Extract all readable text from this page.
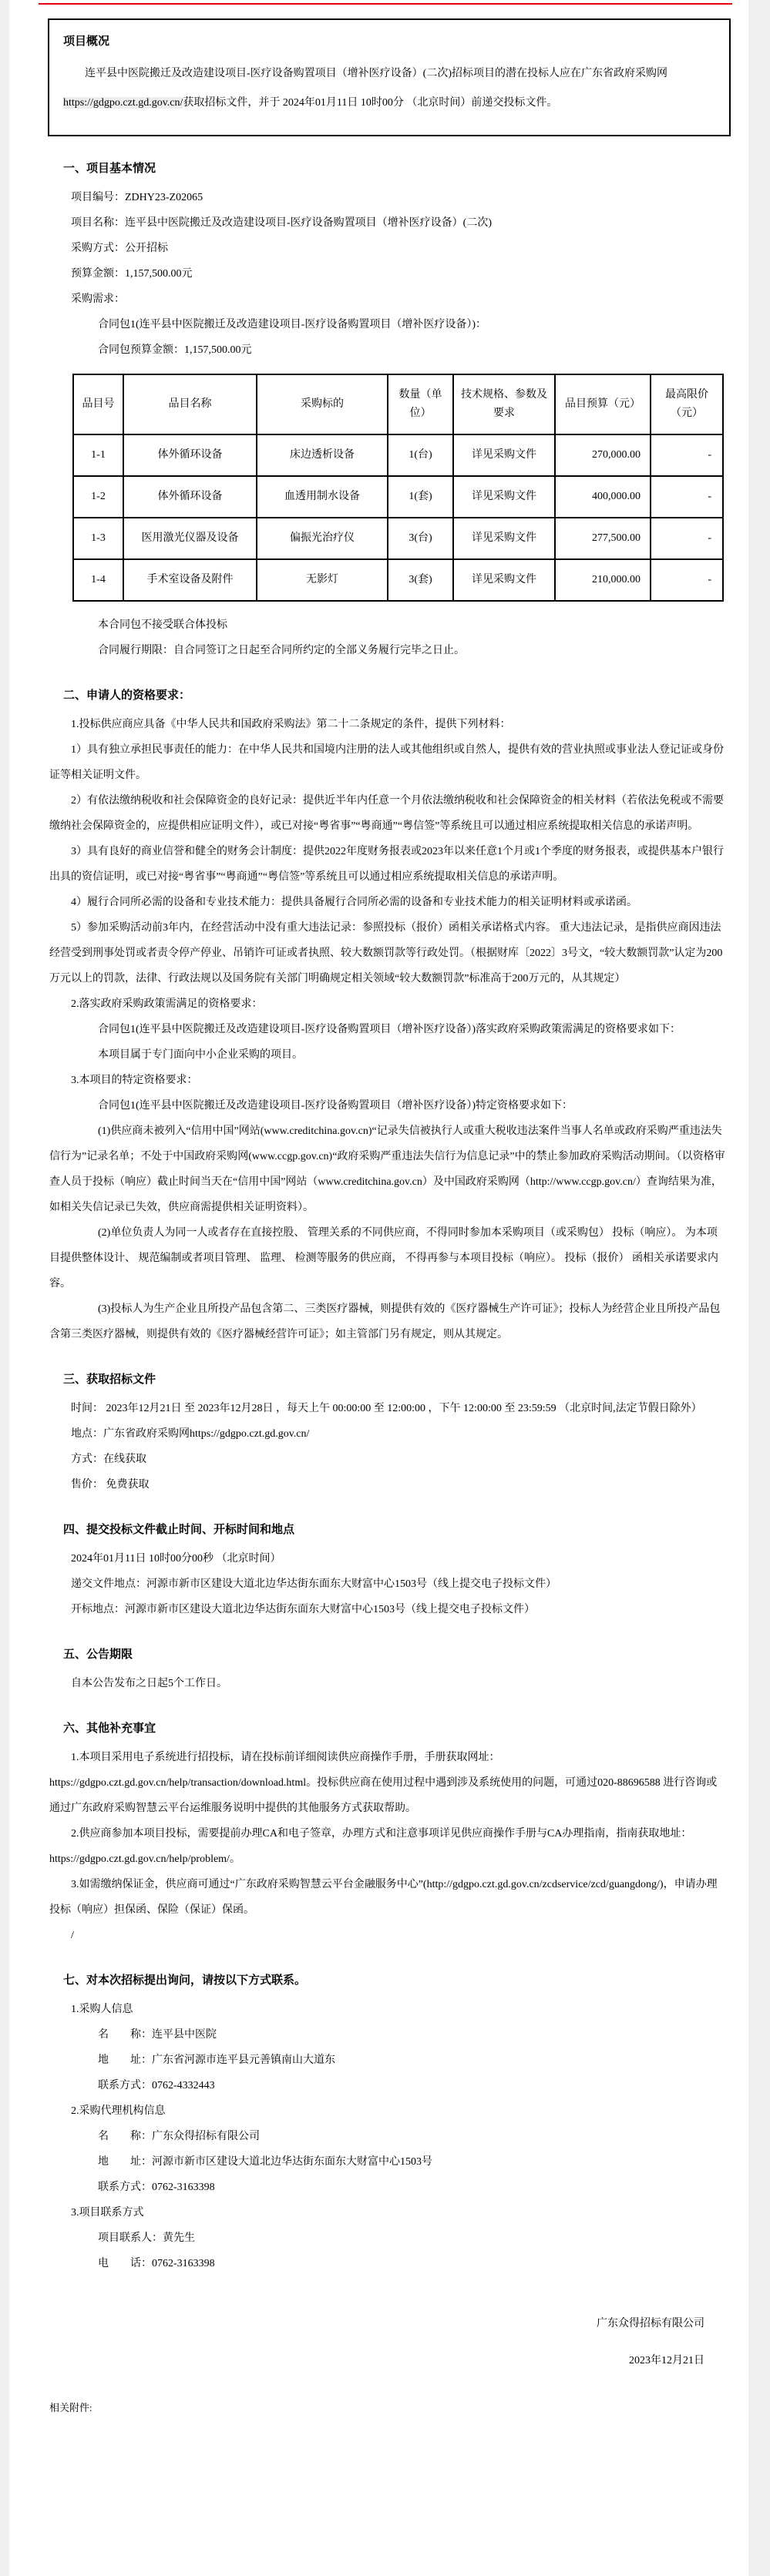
项目概况

连平县中医院搬迁及改造建设项目-医疗设备购置项目（增补医疗设备）(二次)招标项目的潜在投标人应在广东省政府采购网https://gdgpo.czt.gd.gov.cn/获取招标文件，并于 2024年01月11日 10时00分 （北京时间）前递交投标文件。

一、项目基本情况

项目编号：ZDHY23-Z02065

项目名称：连平县中医院搬迁及改造建设项目-医疗设备购置项目（增补医疗设备）(二次)

采购方式：公开招标

预算金额：1,157,500.00元

采购需求：

合同包1(连平县中医院搬迁及改造建设项目-医疗设备购置项目（增补医疗设备）)：

合同包预算金额：1,157,500.00元

品目号	品目名称	采购标的	数量（单位）	技术规格、参数及要求	品目预算（元）	最高限价（元）
1-1	体外循环设备	床边透析设备	1(台)	详见采购文件	270,000.00	-
1-2	体外循环设备	血透用制水设备	1(套)	详见采购文件	400,000.00	-
1-3	医用激光仪器及设备	偏振光治疗仪	3(台)	详见采购文件	277,500.00	-
1-4	手术室设备及附件	无影灯	3(套)	详见采购文件	210,000.00	-

本合同包不接受联合体投标

合同履行期限：自合同签订之日起至合同所约定的全部义务履行完毕之日止。

二、申请人的资格要求：

1.投标供应商应具备《中华人民共和国政府采购法》第二十二条规定的条件，提供下列材料：

1）具有独立承担民事责任的能力：在中华人民共和国境内注册的法人或其他组织或自然人，提供有效的营业执照或事业法人登记证或身份证等相关证明文件。

2）有依法缴纳税收和社会保障资金的良好记录：提供近半年内任意一个月依法缴纳税收和社会保障资金的相关材料（若依法免税或不需要缴纳社会保障资金的，应提供相应证明文件），或已对接“粤省事”“粤商通”“粤信签”等系统且可以通过相应系统提取相关信息的承诺声明。

3）具有良好的商业信誉和健全的财务会计制度：提供2022年度财务报表或2023年以来任意1个月或1个季度的财务报表，或提供基本户银行出具的资信证明，或已对接“粤省事”“粤商通”“粤信签”等系统且可以通过相应系统提取相关信息的承诺声明。

4）履行合同所必需的设备和专业技术能力：提供具备履行合同所必需的设备和专业技术能力的相关证明材料或承诺函。

5）参加采购活动前3年内，在经营活动中没有重大违法记录：参照投标（报价）函相关承诺格式内容。 重大违法记录，是指供应商因违法经营受到刑事处罚或者责令停产停业、吊销许可证或者执照、较大数额罚款等行政处罚。（根据财库〔2022〕3号文，“较大数额罚款”认定为200万元以上的罚款，法律、行政法规以及国务院有关部门明确规定相关领域“较大数额罚款”标准高于200万元的，从其规定）

2.落实政府采购政策需满足的资格要求：

合同包1(连平县中医院搬迁及改造建设项目-医疗设备购置项目（增补医疗设备）)落实政府采购政策需满足的资格要求如下：

本项目属于专门面向中小企业采购的项目。

3.本项目的特定资格要求：

合同包1(连平县中医院搬迁及改造建设项目-医疗设备购置项目（增补医疗设备）)特定资格要求如下：

(1)供应商未被列入“信用中国”网站(www.creditchina.gov.cn)“记录失信被执行人或重大税收违法案件当事人名单或政府采购严重违法失信行为”记录名单；不处于中国政府采购网(www.ccgp.gov.cn)“政府采购严重违法失信行为信息记录”中的禁止参加政府采购活动期间。（以资格审查人员于投标（响应）截止时间当天在“信用中国”网站（www.creditchina.gov.cn）及中国政府采购网（http://www.ccgp.gov.cn/）查询结果为准，如相关失信记录已失效，供应商需提供相关证明资料）。

(2)单位负责人为同一人或者存在直接控股、 管理关系的不同供应商，不得同时参加本采购项目（或采购包） 投标（响应）。 为本项目提供整体设计、 规范编制或者项目管理、 监理、 检测等服务的供应商， 不得再参与本项目投标（响应）。 投标（报价） 函相关承诺要求内容。

(3)投标人为生产企业且所投产品包含第二、三类医疗器械，则提供有效的《医疗器械生产许可证》；投标人为经营企业且所投产品包含第三类医疗器械，则提供有效的《医疗器械经营许可证》；如主管部门另有规定，则从其规定。

三、获取招标文件

时间： 2023年12月21日 至 2023年12月28日 ，每天上午 00:00:00 至 12:00:00 ，下午 12:00:00 至 23:59:59 （北京时间,法定节假日除外）

地点：广东省政府采购网https://gdgpo.czt.gd.gov.cn/

方式：在线获取

售价： 免费获取

四、提交投标文件截止时间、开标时间和地点

2024年01月11日 10时00分00秒 （北京时间）

递交文件地点：河源市新市区建设大道北边华达街东面东大财富中心1503号（线上提交电子投标文件）

开标地点：河源市新市区建设大道北边华达街东面东大财富中心1503号（线上提交电子投标文件）

五、公告期限

自本公告发布之日起5个工作日。

六、其他补充事宜

1.本项目采用电子系统进行招投标，请在投标前详细阅读供应商操作手册，手册获取网址：https://gdgpo.czt.gd.gov.cn/help/transaction/download.html。投标供应商在使用过程中遇到涉及系统使用的问题，可通过020-88696588 进行咨询或通过广东政府采购智慧云平台运维服务说明中提供的其他服务方式获取帮助。

2.供应商参加本项目投标，需要提前办理CA和电子签章，办理方式和注意事项详见供应商操作手册与CA办理指南，指南获取地址：https://gdgpo.czt.gd.gov.cn/help/problem/。

3.如需缴纳保证金，供应商可通过“广东政府采购智慧云平台金融服务中心”(http://gdgpo.czt.gd.gov.cn/zcdservice/zcd/guangdong/)，申请办理投标（响应）担保函、保险（保证）保函。

/

七、对本次招标提出询问，请按以下方式联系。

1.采购人信息

名　　称：连平县中医院

地　　址：广东省河源市连平县元善镇南山大道东

联系方式：0762-4332443

2.采购代理机构信息

名　　称：广东众得招标有限公司

地　　址：河源市新市区建设大道北边华达街东面东大财富中心1503号

联系方式：0762-3163398

3.项目联系方式

项目联系人：黄先生

电　　话：0762-3163398

广东众得招标有限公司
2023年12月21日
相关附件:
